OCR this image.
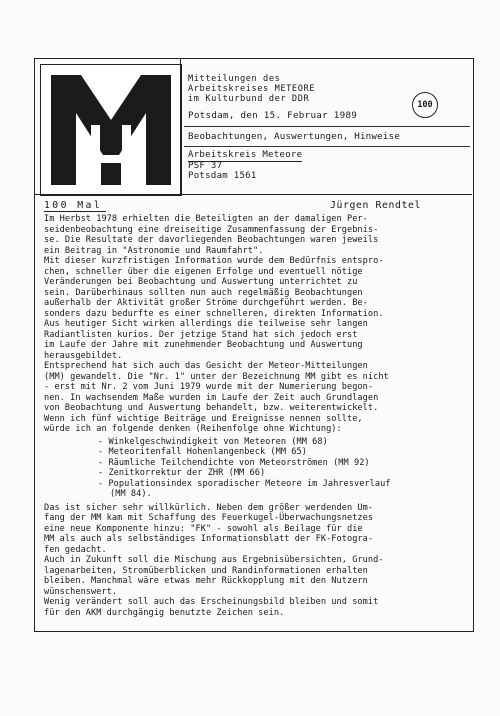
Mitteilungen des
Arbeitskreises METEORE
im Kulturbund der DDR
100
Potsdam, den 15. Februar 1989
Beobachtungen, Auswertungen, Hinweise
Arbeitskreis Meteore
PSF 37
Potsdam 1561
100 Mal	Jürgen Rendtel

Im Herbst 1978 erhielten die Beteiligten an der damaligen Per-

seidenbeobachtung eine dreiseitige Zusammenfassung der Ergebnis-

se. Die Resultate der davorliegenden Beobachtungen waren jeweils

ein Beitrag in "Astronomie und Raumfahrt".

Mit dieser kurzfristigen Information wurde dem Bedürfnis entspro-

chen, schneller über die eigenen Erfolge und eventuell nötige

Veränderungen bei Beobachtung und Auswertung unterrichtet zu

sein. Darüberhinaus sollten nun auch regelmäßig Beobachtungen

außerhalb der Aktivität großer Ströme durchgeführt werden. Be-

sonders dazu bedurfte es einer schnelleren, direkten Information.

Aus heutiger Sicht wirken allerdings die teilweise sehr langen

Radiantlisten kurios. Der jetzige Stand hat sich jedoch erst

im Laufe der Jahre mit zunehmender Beobachtung und Auswertung

herausgebildet.

Entsprechend hat sich auch das Gesicht der Meteor-Mitteilungen

(MM) gewandelt. Die "Nr. 1" unter der Bezeichnung MM gibt es nicht

- erst mit Nr. 2 vom Juni 1979 wurde mit der Numerierung begon-

nen. In wachsendem Maße wurden im Laufe der Zeit auch Grundlagen

von Beobachtung und Auswertung behandelt, bzw. weiterentwickelt.

Wenn ich fünf wichtige Beiträge und Ereignisse nennen sollte,

würde ich an folgende denken (Reihenfolge ohne Wichtung):

- Winkelgeschwindigkeit von Meteoren (MM 68)
- Meteoritenfall Hohenlangenbeck (MM 65)
- Räumliche Teilchendichte von Meteorströmen (MM 92)
- Zenitkorrektur der ZHR (MM 66)
- Populationsindex sporadischer Meteore im Jahresverlauf
(MM 84).

Das ist sicher sehr willkürlich. Neben dem größer werdenden Um-

fang der MM kam mit Schaffung des Feuerkugel-Überwachungsnetzes

eine neue Komponente hinzu: "FK" - sowohl als Beilage für die

MM als auch als selbständiges Informationsblatt der FK-Fotogra-

fen gedacht.

Auch in Zukunft soll die Mischung aus Ergebnisübersichten, Grund-

lagenarbeiten, Stromüberblicken und Randinformationen erhalten

bleiben. Manchmal wäre etwas mehr Rückkopplung mit den Nutzern

wünschenswert.

Wenig verändert soll auch das Erscheinungsbild bleiben und somit

für den AKM durchgängig benutzte Zeichen sein.
